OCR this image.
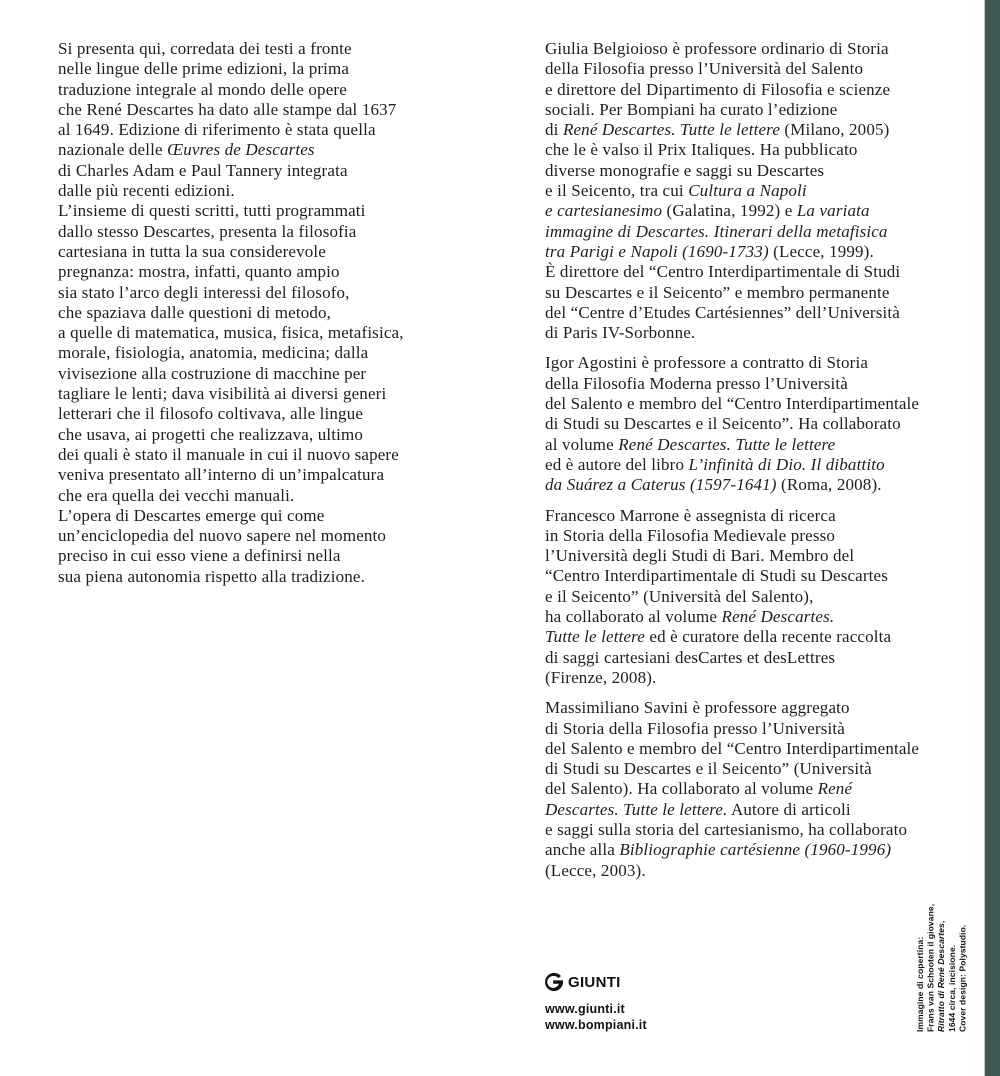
Si presenta qui, corredata dei testi a fronte
nelle lingue delle prime edizioni, la prima
traduzione integrale al mondo delle opere
che René Descartes ha dato alle stampe dal 1637
al 1649. Edizione di riferimento è stata quella
nazionale delle Œuvres de Descartes
di Charles Adam e Paul Tannery integrata
dalle più recenti edizioni.
L’insieme di questi scritti, tutti programmati
dallo stesso Descartes, presenta la filosofia
cartesiana in tutta la sua considerevole
pregnanza: mostra, infatti, quanto ampio
sia stato l’arco degli interessi del filosofo,
che spaziava dalle questioni di metodo,
a quelle di matematica, musica, fisica, metafisica,
morale, fisiologia, anatomia, medicina; dalla
vivisezione alla costruzione di macchine per
tagliare le lenti; dava visibilità ai diversi generi
letterari che il filosofo coltivava, alle lingue
che usava, ai progetti che realizzava, ultimo
dei quali è stato il manuale in cui il nuovo sapere
veniva presentato all’interno di un’impalcatura
che era quella dei vecchi manuali.
L’opera di Descartes emerge qui come
un’enciclopedia del nuovo sapere nel momento
preciso in cui esso viene a definirsi nella
sua piena autonomia rispetto alla tradizione.
Giulia Belgioioso è professore ordinario di Storia
della Filosofia presso l’Università del Salento
e direttore del Dipartimento di Filosofia e scienze
sociali. Per Bompiani ha curato l’edizione
di René Descartes. Tutte le lettere (Milano, 2005)
che le è valso il Prix Italiques. Ha pubblicato
diverse monografie e saggi su Descartes
e il Seicento, tra cui Cultura a Napoli
e cartesianesimo (Galatina, 1992) e La variata
immagine di Descartes. Itinerari della metafisica
tra Parigi e Napoli (1690-1733) (Lecce, 1999).
È direttore del “Centro Interdipartimentale di Studi
su Descartes e il Seicento” e membro permanente
del “Centre d’Etudes Cartésiennes” dell’Università
di Paris IV-Sorbonne.
Igor Agostini è professore a contratto di Storia
della Filosofia Moderna presso l’Università
del Salento e membro del “Centro Interdipartimentale
di Studi su Descartes e il Seicento”. Ha collaborato
al volume René Descartes. Tutte le lettere
ed è autore del libro L’infinità di Dio. Il dibattito
da Suárez a Caterus (1597-1641) (Roma, 2008).
Francesco Marrone è assegnista di ricerca
in Storia della Filosofia Medievale presso
l’Università degli Studi di Bari. Membro del
“Centro Interdipartimentale di Studi su Descartes
e il Seicento” (Università del Salento),
ha collaborato al volume René Descartes.
Tutte le lettere ed è curatore della recente raccolta
di saggi cartesiani desCartes et desLettres
(Firenze, 2008).
Massimiliano Savini è professore aggregato
di Storia della Filosofia presso l’Università
del Salento e membro del “Centro Interdipartimentale
di Studi su Descartes e il Seicento” (Università
del Salento). Ha collaborato al volume René
Descartes. Tutte le lettere. Autore di articoli
e saggi sulla storia del cartesianismo, ha collaborato
anche alla Bibliographie cartésienne (1960-1996)
(Lecce, 2003).
GIUNTI
www.giunti.it
www.bompiani.it	Immagine di copertina: Frans van Schooten il giovane, Ritratto di René Descartes,
1644 circa, incisione. Cover design: Polystudio.
